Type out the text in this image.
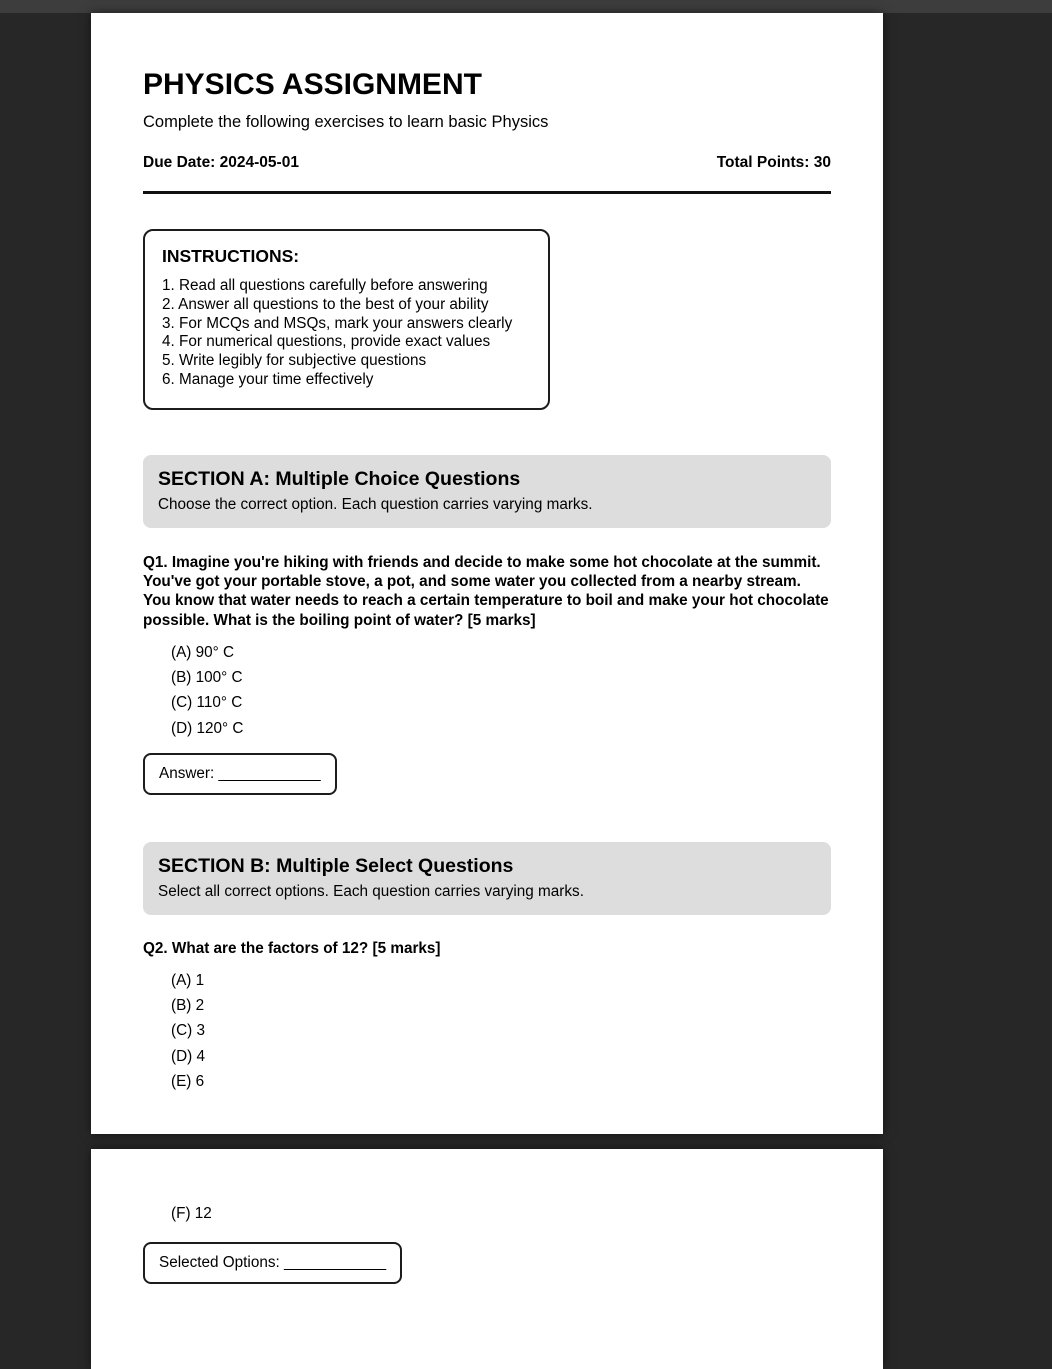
PHYSICS ASSIGNMENT
Complete the following exercises to learn basic Physics
Due Date: 2024-05-01	Total Points: 30
INSTRUCTIONS:
1. Read all questions carefully before answering
2. Answer all questions to the best of your ability
3. For MCQs and MSQs, mark your answers clearly
4. For numerical questions, provide exact values
5. Write legibly for subjective questions
6. Manage your time effectively
SECTION A: Multiple Choice Questions
Choose the correct option. Each question carries varying marks.
Q1. Imagine you're hiking with friends and decide to make some hot chocolate at the summit. You've got your portable stove, a pot, and some water you collected from a nearby stream. You know that water needs to reach a certain temperature to boil and make your hot chocolate possible. What is the boiling point of water? [5 marks]
(A) 90° C
(B) 100° C
(C) 110° C
(D) 120° C
Answer: ____________
SECTION B: Multiple Select Questions
Select all correct options. Each question carries varying marks.
Q2. What are the factors of 12? [5 marks]
(A) 1
(B) 2
(C) 3
(D) 4
(E) 6
(F) 12
Selected Options: ____________
